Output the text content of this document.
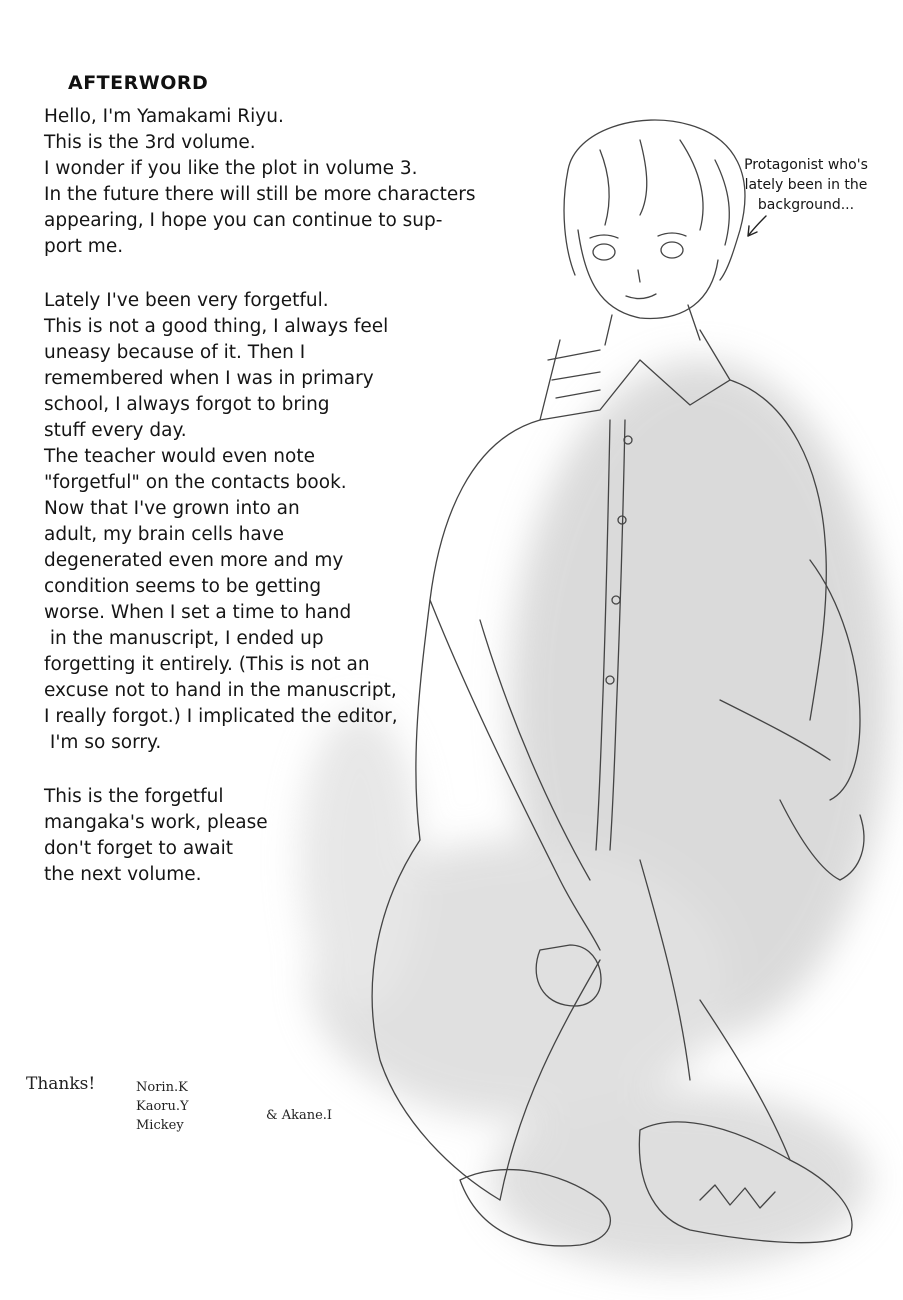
AFTERWORD
Hello, I'm Yamakami Riyu.
This is the 3rd volume.
I wonder if you like the plot in volume 3.
In the future there will still be more characters
appearing, I hope you can continue to sup-
port me.
Lately I've been very forgetful.
This is not a good thing, I always feel
uneasy because of it. Then I
remembered when I was in primary
school, I always forgot to bring
stuff every day.
The teacher would even note
"forgetful" on the contacts book.
Now that I've grown into an
adult, my brain cells have
degenerated even more and my
condition seems to be getting
worse. When I set a time to hand
in the manuscript, I ended up
forgetting it entirely. (This is not an
excuse not to hand in the manuscript,
I really forgot.) I implicated the editor,
I'm so sorry.
This is the forgetful
mangaka's work, please
don't forget to await
the next volume.
Protagonist who's
lately been in the
background...
Thanks!	Norin.K
Kaoru.Y
Mickey
& Akane.I
